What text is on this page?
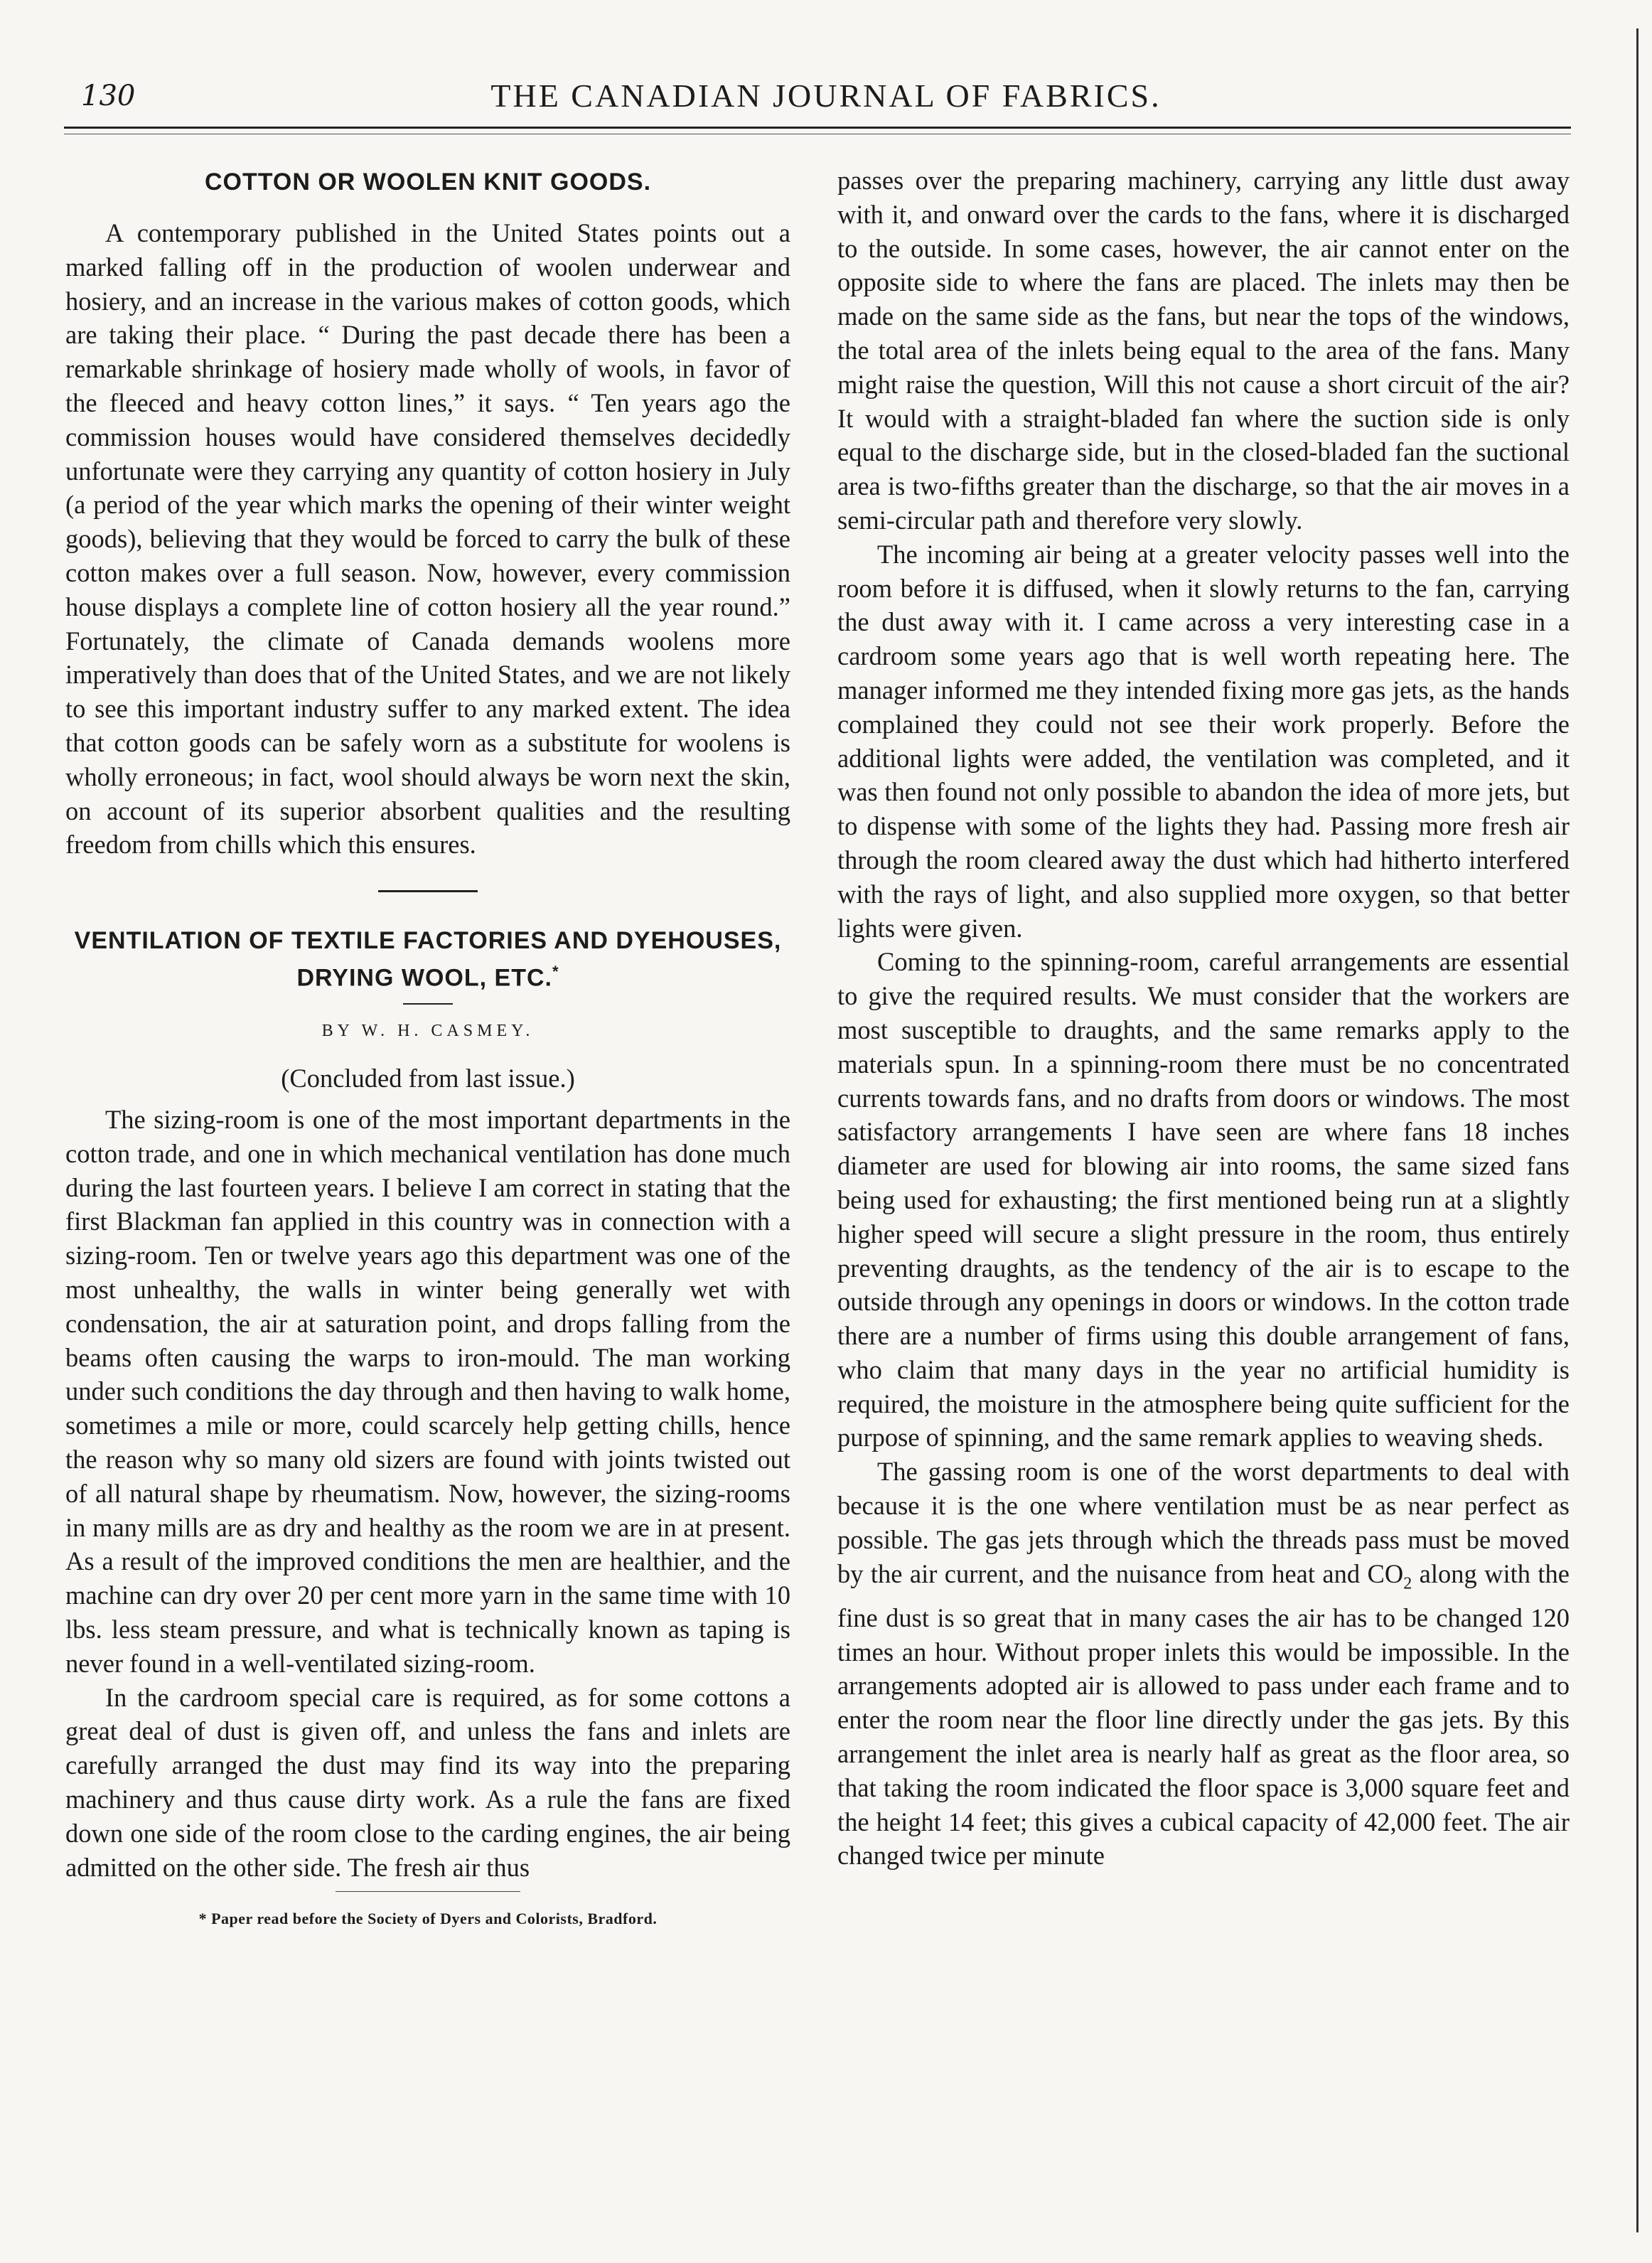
130	THE CANADIAN JOURNAL OF FABRICS.
COTTON OR WOOLEN KNIT GOODS.

A contemporary published in the United States points out a marked falling off in the production of woolen underwear and hosiery, and an increase in the various makes of cotton goods, which are taking their place. “ During the past decade there has been a remarkable shrinkage of hosiery made wholly of wools, in favor of the fleeced and heavy cotton lines,” it says. “ Ten years ago the commission houses would have considered themselves decidedly unfortunate were they carrying any quantity of cotton hosiery in July (a period of the year which marks the opening of their winter weight goods), believing that they would be forced to carry the bulk of these cotton makes over a full season. Now, however, every commission house displays a complete line of cotton hosiery all the year round.” Fortunately, the climate of Canada demands woolens more imperatively than does that of the United States, and we are not likely to see this important industry suffer to any marked extent. The idea that cotton goods can be safely worn as a substitute for woolens is wholly erroneous; in fact, wool should always be worn next the skin, on account of its superior absorbent qualities and the resulting freedom from chills which this ensures.

VENTILATION OF TEXTILE FACTORIES AND DYEHOUSES,
DRYING WOOL, ETC.*
BY W. H. CASMEY.
(Concluded from last issue.)

The sizing-room is one of the most important departments in the cotton trade, and one in which mechanical ventilation has done much during the last fourteen years. I believe I am correct in stating that the first Blackman fan applied in this country was in connection with a sizing-room. Ten or twelve years ago this department was one of the most unhealthy, the walls in winter being generally wet with condensation, the air at saturation point, and drops falling from the beams often causing the warps to iron-mould. The man working under such conditions the day through and then having to walk home, sometimes a mile or more, could scarcely help getting chills, hence the reason why so many old sizers are found with joints twisted out of all natural shape by rheumatism. Now, however, the sizing-rooms in many mills are as dry and healthy as the room we are in at present. As a result of the improved conditions the men are healthier, and the machine can dry over 20 per cent more yarn in the same time with 10 lbs. less steam pressure, and what is technically known as taping is never found in a well-ventilated sizing-room.

In the cardroom special care is required, as for some cottons a great deal of dust is given off, and unless the fans and inlets are carefully arranged the dust may find its way into the preparing machinery and thus cause dirty work. As a rule the fans are fixed down one side of the room close to the carding engines, the air being admitted on the other side. The fresh air thus

* Paper read before the Society of Dyers and Colorists, Bradford.

passes over the preparing machinery, carrying any little dust away with it, and onward over the cards to the fans, where it is discharged to the outside. In some cases, however, the air cannot enter on the opposite side to where the fans are placed. The inlets may then be made on the same side as the fans, but near the tops of the windows, the total area of the inlets being equal to the area of the fans. Many might raise the question, Will this not cause a short circuit of the air? It would with a straight-bladed fan where the suction side is only equal to the discharge side, but in the closed-bladed fan the suctional area is two-fifths greater than the discharge, so that the air moves in a semi-circular path and therefore very slowly.

The incoming air being at a greater velocity passes well into the room before it is diffused, when it slowly returns to the fan, carrying the dust away with it. I came across a very interesting case in a cardroom some years ago that is well worth repeating here. The manager informed me they intended fixing more gas jets, as the hands complained they could not see their work properly. Before the additional lights were added, the ventilation was completed, and it was then found not only possible to abandon the idea of more jets, but to dispense with some of the lights they had. Passing more fresh air through the room cleared away the dust which had hitherto interfered with the rays of light, and also supplied more oxygen, so that better lights were given.

Coming to the spinning-room, careful arrangements are essential to give the required results. We must consider that the workers are most susceptible to draughts, and the same remarks apply to the materials spun. In a spinning-room there must be no concentrated currents towards fans, and no drafts from doors or windows. The most satisfactory arrangements I have seen are where fans 18 inches diameter are used for blowing air into rooms, the same sized fans being used for exhausting; the first mentioned being run at a slightly higher speed will secure a slight pressure in the room, thus entirely preventing draughts, as the tendency of the air is to escape to the outside through any openings in doors or windows. In the cotton trade there are a number of firms using this double arrangement of fans, who claim that many days in the year no artificial humidity is required, the moisture in the atmosphere being quite sufficient for the purpose of spinning, and the same remark applies to weaving sheds.

The gassing room is one of the worst departments to deal with because it is the one where ventilation must be as near perfect as possible. The gas jets through which the threads pass must be moved by the air current, and the nuisance from heat and $CO_2$ along with the fine dust is so great that in many cases the air has to be changed 120 times an hour. Without proper inlets this would be impossible. In the arrangements adopted air is allowed to pass under each frame and to enter the room near the floor line directly under the gas jets. By this arrangement the inlet area is nearly half as great as the floor area, so that taking the room indicated the floor space is 3,000 square feet and the height 14 feet; this gives a cubical capacity of 42,000 feet. The air changed twice per minute
